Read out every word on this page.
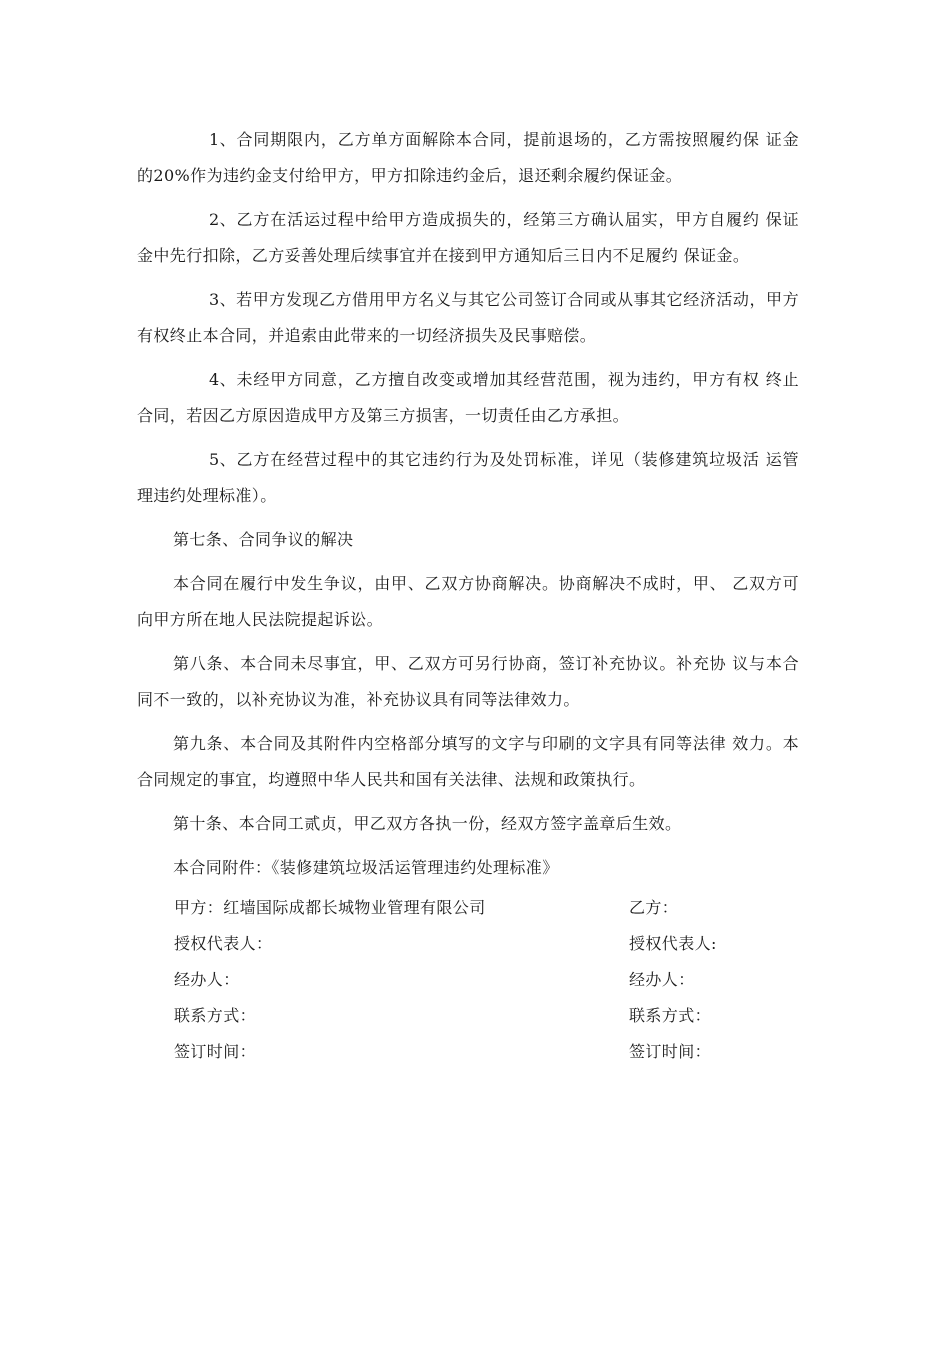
1、合同期限内，乙方单方面解除本合同，提前退场的，乙方需按照履约保 证金的20%作为违约金支付给甲方，甲方扣除违约金后，退还剩余履约保证金。

2、乙方在活运过程中给甲方造成损失的，经第三方确认届实，甲方自履约 保证金中先行扣除，乙方妥善处理后续事宜并在接到甲方通知后三日内不足履约 保证金。

3、若甲方发现乙方借用甲方名义与其它公司签订合同或从事其它经济活动，甲方有权终止本合同，并追索由此带来的一切经济损失及民事赔偿。

4、未经甲方同意，乙方擅自改变或增加其经营范围，视为违约，甲方有权 终止合同，若因乙方原因造成甲方及第三方损害，一切责任由乙方承担。

5、乙方在经营过程中的其它违约行为及处罚标准，详见（装修建筑垃圾活 运管理违约处理标准）。

第七条、合同争议的解决

本合同在履行中发生争议，由甲、乙双方协商解决。协商解决不成时，甲、 乙双方可向甲方所在地人民法院提起诉讼。

第八条、本合同未尽事宜，甲、乙双方可另行协商，签订补充协议。补充协 议与本合同不一致的，以补充协议为准，补充协议具有同等法律效力。

第九条、本合同及其附件内空格部分填写的文字与印刷的文字具有同等法律 效力。本合同规定的事宜，均遵照中华人民共和国有关法律、法规和政策执行。

第十条、本合同工贰贞，甲乙双方各执一份，经双方签字盖章后生效。

本合同附件：《装修建筑垃圾活运管理违约处理标准》

甲方：红墙国际成都长城物业管理有限公司	乙方：
授权代表人：	授权代表人:
经办人：	经办人：
联系方式：	联系方式：
签订时间：	签订时间：
